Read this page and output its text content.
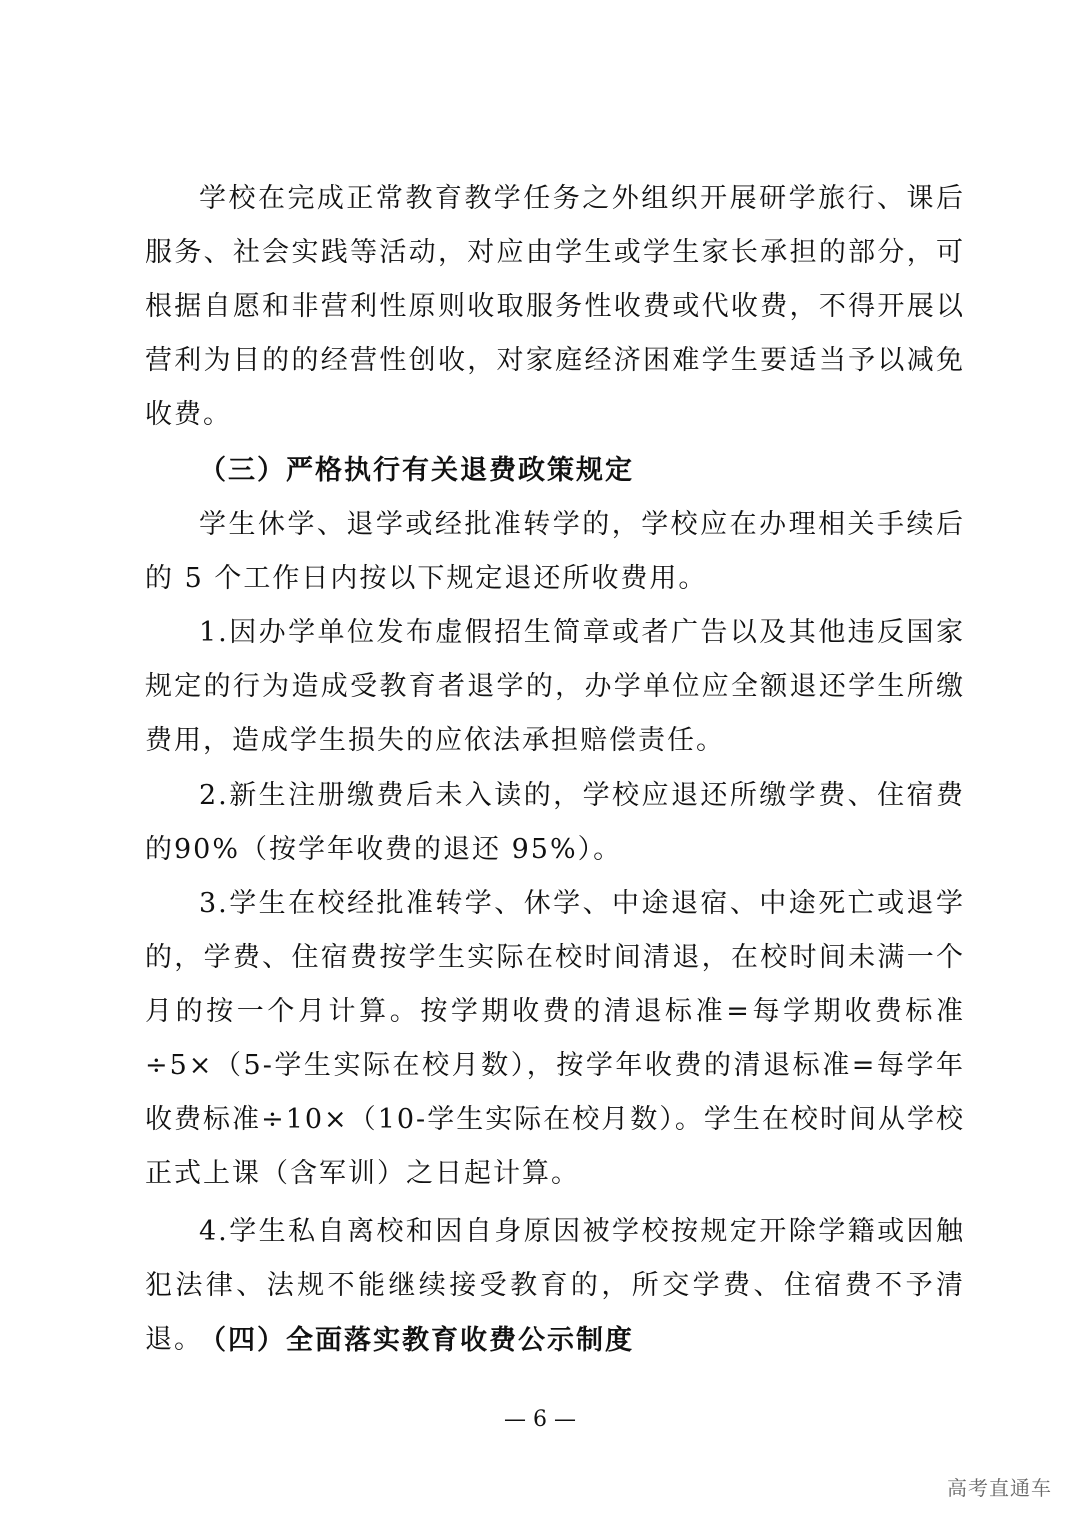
学校在完成正常教育教学任务之外组织开展研学旅行、课后服务、社会实践等活动，对应由学生或学生家长承担的部分，可根据自愿和非营利性原则收取服务性收费或代收费，不得开展以营利为目的的经营性创收，对家庭经济困难学生要适当予以减免收费。

（三）严格执行有关退费政策规定

学生休学、退学或经批准转学的，学校应在办理相关手续后的 5 个工作日内按以下规定退还所收费用。

1.因办学单位发布虚假招生简章或者广告以及其他违反国家规定的行为造成受教育者退学的，办学单位应全额退还学生所缴费用，造成学生损失的应依法承担赔偿责任。

2.新生注册缴费后未入读的，学校应退还所缴学费、住宿费的90%（按学年收费的退还 95%）。

3.学生在校经批准转学、休学、中途退宿、中途死亡或退学的，学费、住宿费按学生实际在校时间清退，在校时间未满一个月的按一个月计算。按学期收费的清退标准=每学期收费标准÷5×（5-学生实际在校月数），按学年收费的清退标准=每学年收费标准÷10×（10-学生实际在校月数）。学生在校时间从学校正式上课（含军训）之日起计算。

4.学生私自离校和因自身原因被学校按规定开除学籍或因触犯法律、法规不能继续接受教育的，所交学费、住宿费不予清退。

（四）全面落实教育收费公示制度

— 6 —
高考直通车
